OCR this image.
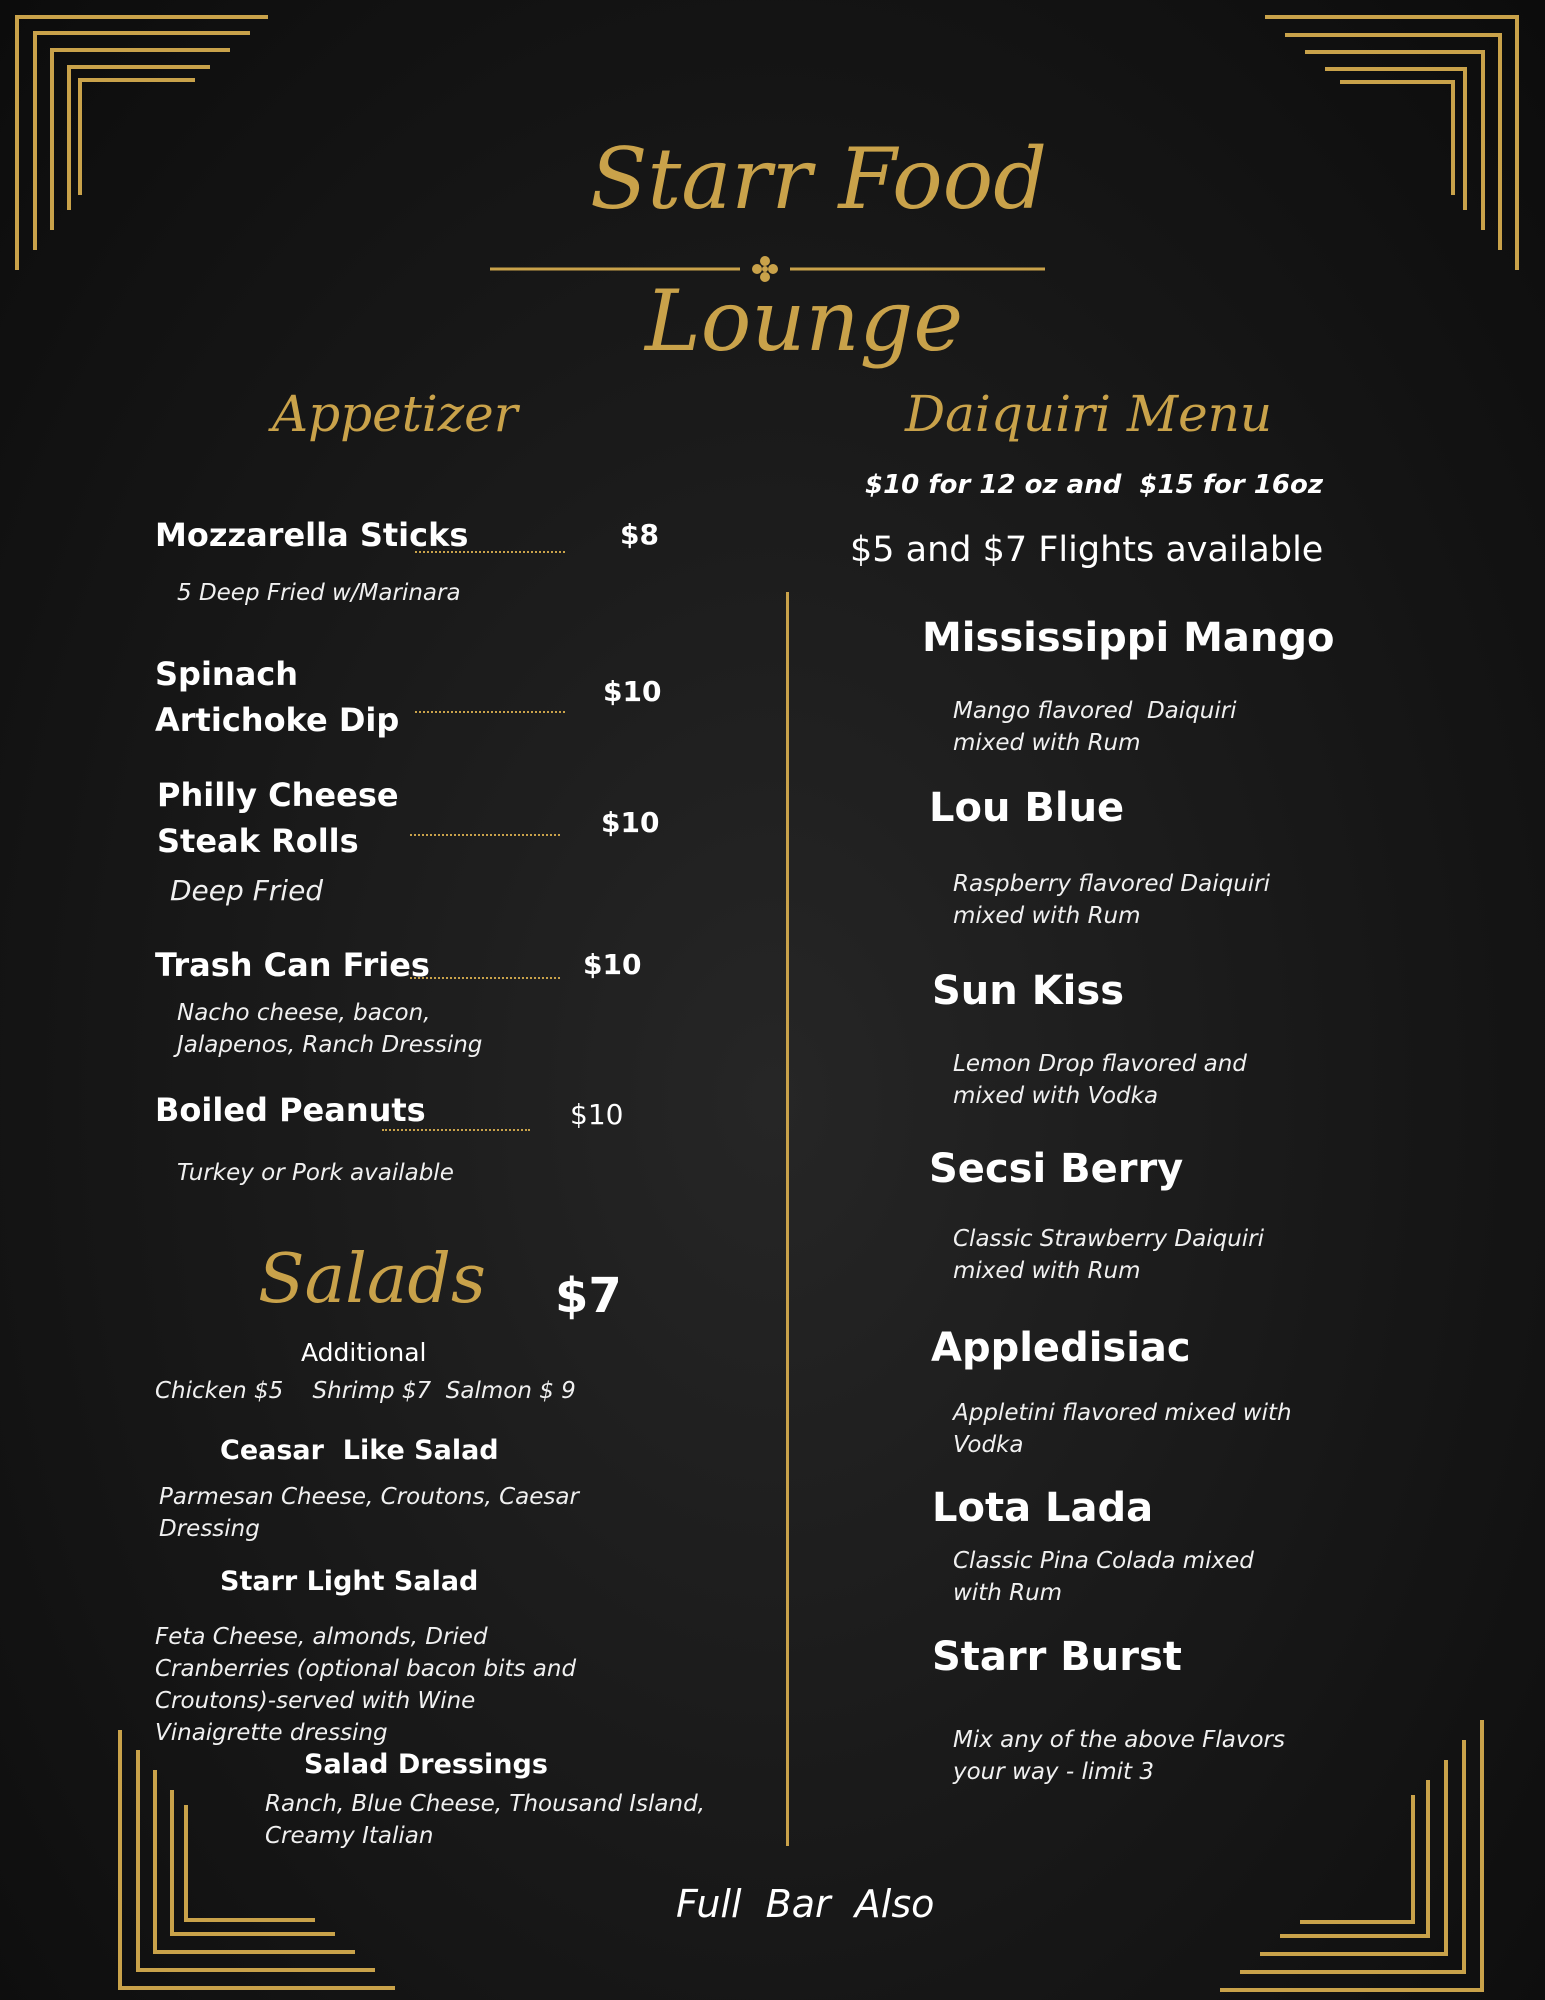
Starr Food
Lounge
Appetizer	Daiquiri Menu
Mozzarella Sticks	$8
5 Deep Fried w/Marinara
Spinach
Artichoke Dip
$10
Philly Cheese
Steak Rolls	$10
Deep Fried
Trash Can Fries	$10
Nacho cheese, bacon,
Jalapenos, Ranch Dressing
Boiled Peanuts	$10
Turkey or Pork available
Salads $7
Additional
Chicken $5    Shrimp $7  Salmon $ 9
Ceasar  Like Salad
Parmesan Cheese, Croutons, Caesar
Dressing
Starr Light Salad
Feta Cheese, almonds, Dried
Cranberries (optional bacon bits and
Croutons)-served with Wine
Vinaigrette dressing
Salad Dressings
Ranch, Blue Cheese, Thousand Island,
Creamy Italian
$10 for 12 oz and  $15 for 16oz
$5 and $7 Flights available
Mississippi Mango
Mango flavored  Daiquiri
mixed with Rum
Lou Blue
Raspberry flavored Daiquiri
mixed with Rum
Sun Kiss
Lemon Drop flavored and
mixed with Vodka
Secsi Berry
Classic Strawberry Daiquiri
mixed with Rum
Appledisiac
Appletini flavored mixed with
Vodka
Lota Lada
Classic Pina Colada mixed
with Rum
Starr Burst
Mix any of the above Flavors
your way - limit 3
Full  Bar  Also
